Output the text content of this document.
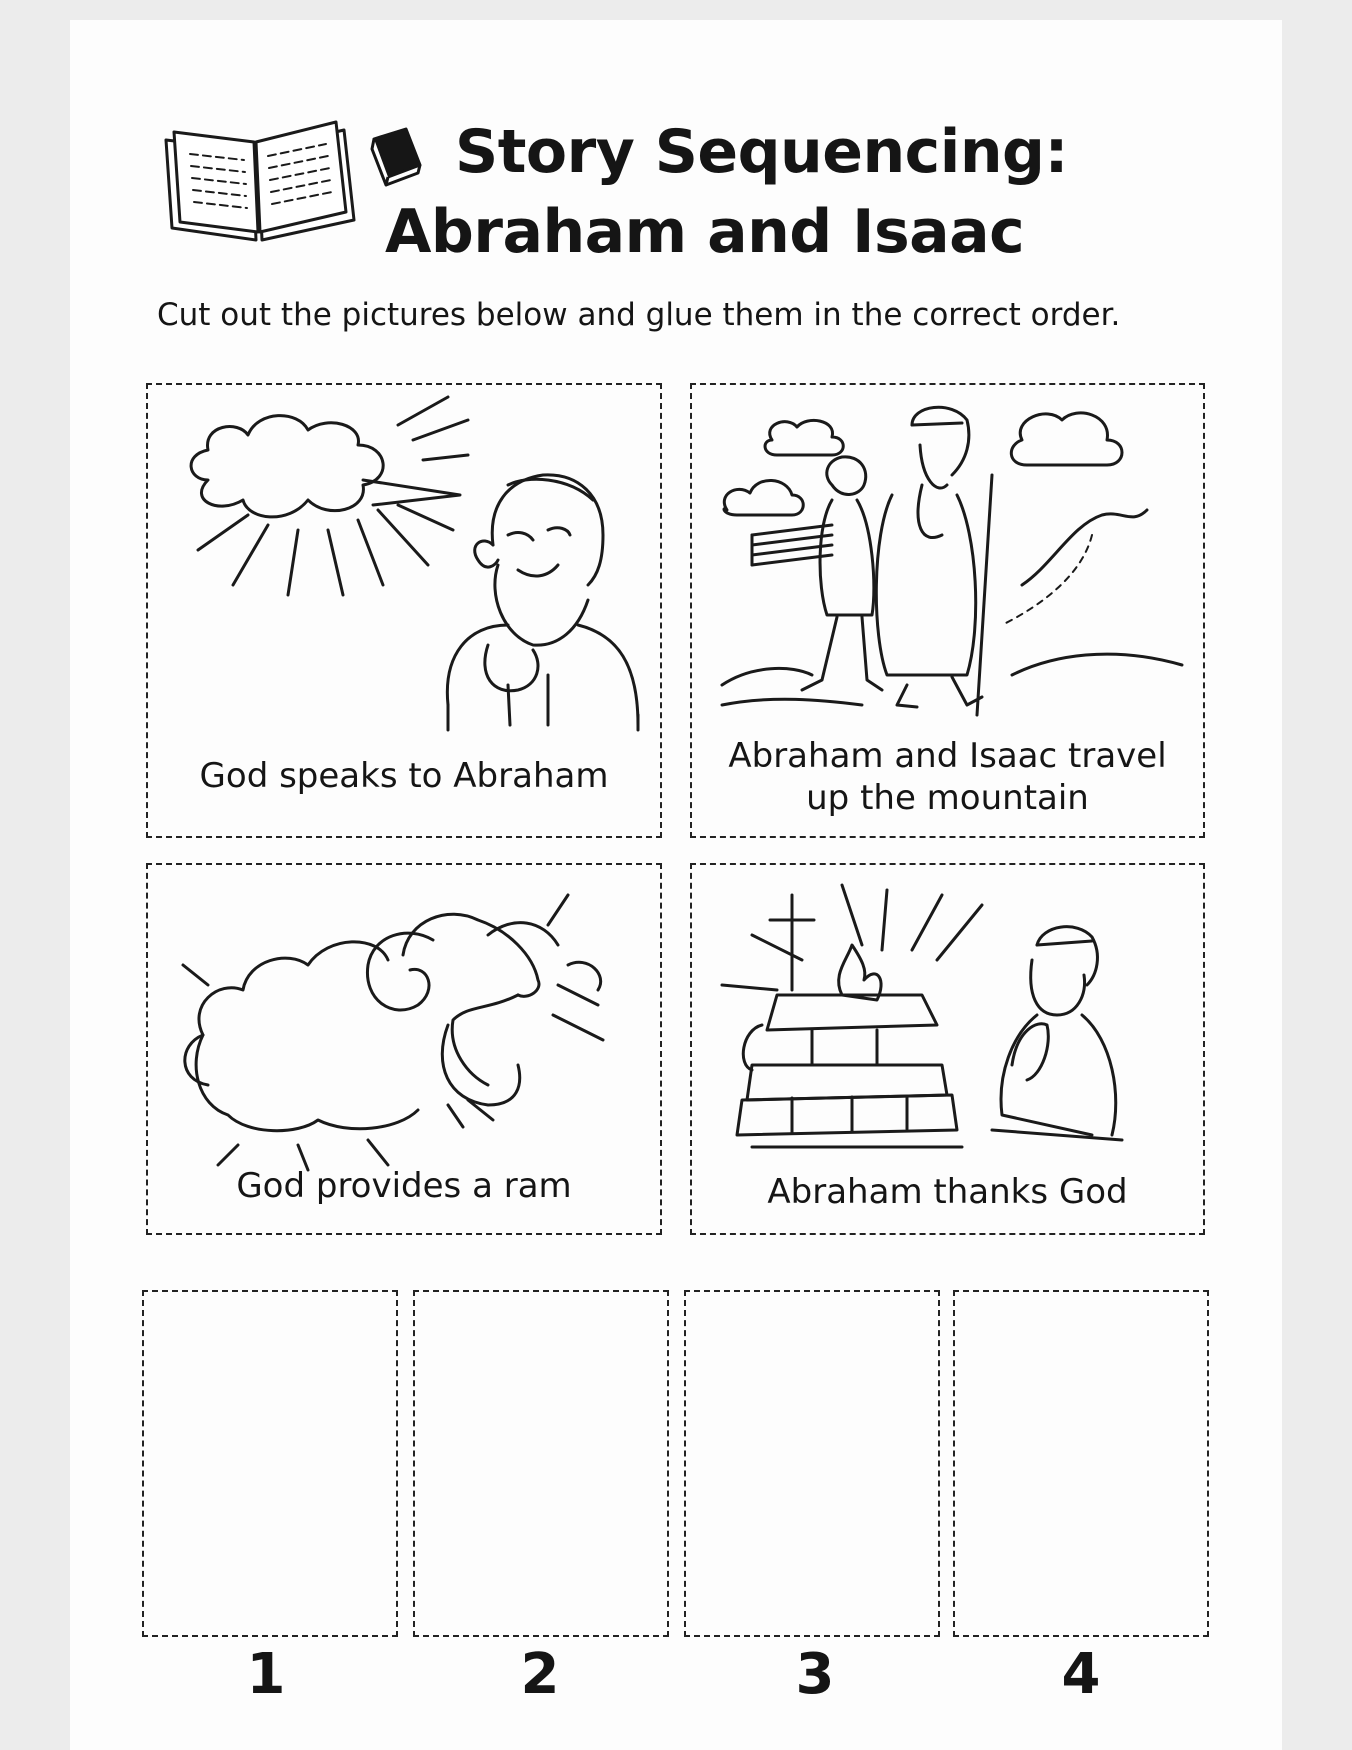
Story Sequencing:
Abraham and Isaac
Cut out the pictures below and glue them in the correct order.
God speaks to Abraham	Abraham and Isaac travel
up the mountain
God provides a ram	Abraham thanks God
1	2	3	4
